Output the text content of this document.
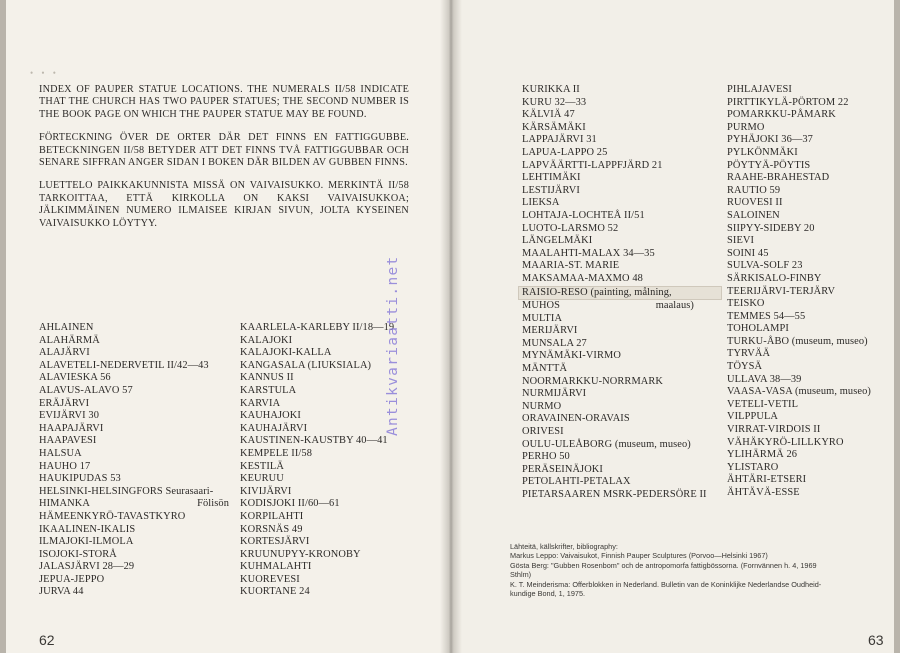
• • •

INDEX OF PAUPER STATUE LOCATIONS. THE NUMERALS II/58 INDICATE THAT THE CHURCH HAS TWO PAUPER STATUES; THE SECOND NUMBER IS THE BOOK PAGE ON WHICH THE PAUPER STATUE MAY BE FOUND.

FÖRTECKNING ÖVER DE ORTER DÄR DET FINNS EN FATTIGGUBBE. BETECKNINGEN II/58 BETYDER ATT DET FINNS TVÅ FATTIGGUBBAR OCH SENARE SIFFRAN ANGER SIDAN I BOKEN DÄR BILDEN AV GUBBEN FINNS.

LUETTELO PAIKKAKUNNISTA MISSÄ ON VAIVAISUKKO. MERKINTÄ II/58 TARKOITTAA, ETTÄ KIRKOLLA ON KAKSI VAIVAISUKKOA; JÄLKIMMÄINEN NUMERO ILMAISEE KIRJAN SIVUN, JOLTA KYSEINEN VAIVAISUKKO LÖYTYY.

AHLAINEN
ALAHÄRMÄ
ALAJÄRVI
ALAVETELI-NEDERVETIL II/42—43
ALAVIESKA 56
ALAVUS-ALAVO 57
ERÄJÄRVI
EVIJÄRVI 30
HAAPAJÄRVI
HAAPAVESI
HALSUA
HAUHO 17
HAUKIPUDAS 53
HELSINKI-HELSINGFORS Seurasaari-
HIMANKA	Fölisön
HÄMEENKYRÖ-TAVASTKYRO
IKAALINEN-IKALIS
ILMAJOKI-ILMOLA
ISOJOKI-STORÅ
JALASJÄRVI 28—29
JEPUA-JEPPO
JURVA 44
KAARLELA-KARLEBY II/18—19
KALAJOKI
KALAJOKI-KALLA
KANGASALA (LIUKSIALA)
KANNUS II
KARSTULA
KARVIA
KAUHAJOKI
KAUHAJÄRVI
KAUSTINEN-KAUSTBY 40—41
KEMPELE II/58
KESTILÄ
KEURUU
KIVIJÄRVI
KODISJOKI II/60—61
KORPILAHTI
KORSNÄS 49
KORTESJÄRVI
KRUUNUPYY-KRONOBY
KUHMALAHTI
KUOREVESI
KUORTANE 24
KURIKKA II
KURU 32—33
KÄLVIÄ 47
KÄRSÄMÄKI
LAPPAJÄRVI 31
LAPUA-LAPPO 25
LAPVÄÄRTTI-LAPPFJÄRD 21
LEHTIMÄKI
LESTIJÄRVI
LIEKSA
LOHTAJA-LOCHTEÅ II/51
LUOTO-LARSMO 52
LÄNGELMÄKI
MAALAHTI-MALAX 34—35
MAARIA-ST. MARIE
MAKSAMAA-MAXMO 48
RAISIO-RESO (painting, målning,
MUHOS	maalaus)
MULTIA
MERIJÄRVI
MUNSALA 27
MYNÄMÄKI-VIRMO
MÄNTTÄ
NOORMARKKU-NORRMARK
NURMIJÄRVI
NURMO
ORAVAINEN-ORAVAIS
ORIVESI
OULU-ULEÅBORG (museum, museo)
PERHO 50
PERÄSEINÄJOKI
PETOLAHTI-PETALAX
PIETARSAAREN MSRK-PEDERSÖRE II
PIHLAJAVESI
PIRTTIKYLÄ-PÖRTOM 22
POMARKKU-PÅMARK
PURMO
PYHÄJOKI 36—37
PYLKÖNMÄKI
PÖYTYÄ-PÖYTIS
RAAHE-BRAHESTAD
RAUTIO 59
RUOVESI II
SALOINEN
SIIPYY-SIDEBY 20
SIEVI
SOINI 45
SULVA-SOLF 23
SÄRKISALO-FINBY
TEERIJÄRVI-TERJÄRV
TEISKO
TEMMES 54—55
TOHOLAMPI
TURKU-ÅBO (museum, museo)
TYRVÄÄ
TÖYSÄ
ULLAVA 38—39
VAASA-VASA (museum, museo)
VETELI-VETIL
VILPPULA
VIRRAT-VIRDOIS II
VÄHÄKYRÖ-LILLKYRO
YLIHÄRMÄ 26
YLISTARO
ÄHTÄRI-ETSERI
ÄHTÄVÄ-ESSE
Lähteitä, källskrifter, bibliography:
Markus Leppo: Vaivaisukot, Finnish Pauper Sculptures (Porvoo—Helsinki 1967)
Gösta Berg: "Gubben Rosenbom" och de antropomorfa fattigbössorna. (Fornvännen h. 4, 1969
Sthlm)
K. T. Meinderisma: Offerblokken in Nederland. Bulletin van de Koninklijke Nederlandse Oudheid-
kundige Bond, 1, 1975.
62	63
Antikvariaatti.net
